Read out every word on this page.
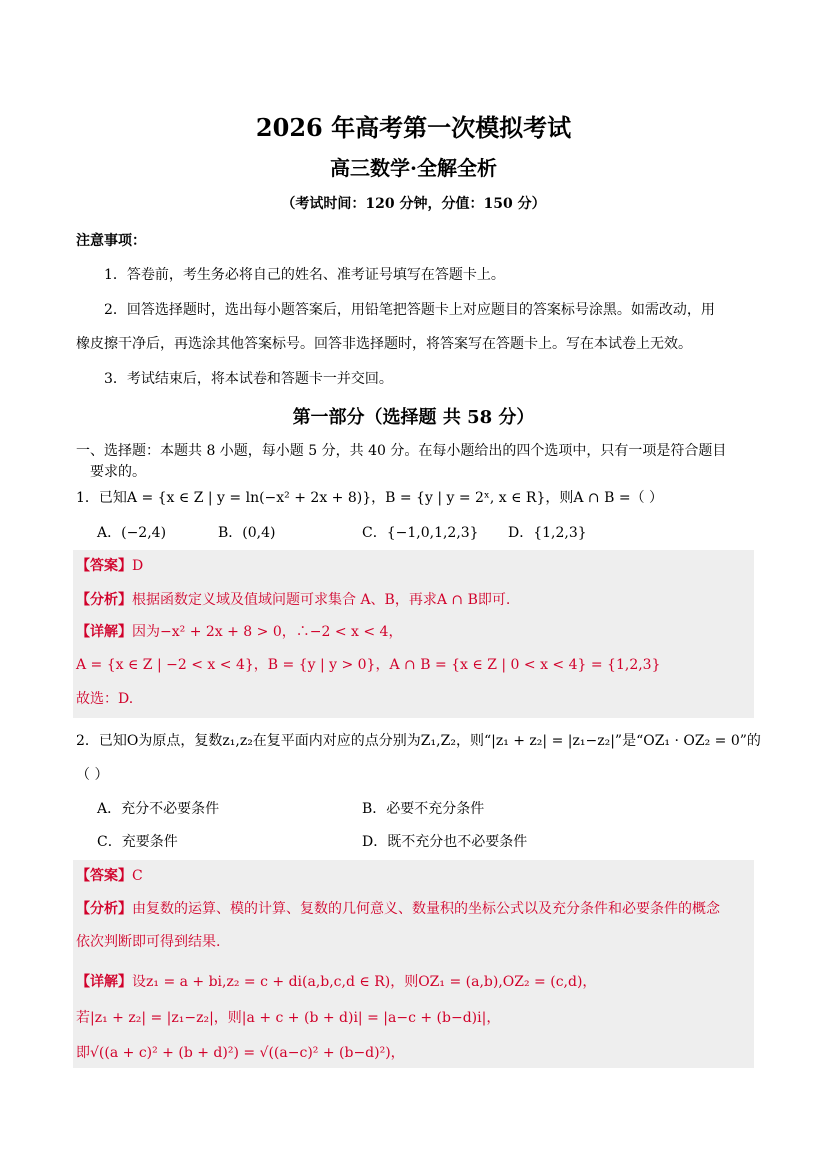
2026 年高考第一次模拟考试
高三数学·全解全析
（考试时间：120 分钟，分值：150 分）
注意事项：
1．答卷前，考生务必将自己的姓名、准考证号填写在答题卡上。
2．回答选择题时，选出每小题答案后，用铅笔把答题卡上对应题目的答案标号涂黑。如需改动，用
橡皮擦干净后，再选涂其他答案标号。回答非选择题时，将答案写在答题卡上。写在本试卷上无效。
3．考试结束后，将本试卷和答题卡一并交回。
第一部分（选择题 共 58 分）
一、选择题：本题共 8 小题，每小题 5 分，共 40 分。在每小题给出的四个选项中，只有一项是符合题目
要求的。
1．已知A = {x ∈ Z | y = ln(−x² + 2x + 8)}，B = {y | y = 2ˣ, x ∈ R}，则A ∩ B =（ ）
A．(−2,4)	B．(0,4)	C．{−1,0,1,2,3} D．{1,2,3}
【答案】D
【分析】根据函数定义域及值域问题可求集合 A、B，再求A ∩ B即可.
【详解】因为−x² + 2x + 8 > 0，∴−2 < x < 4，
A = {x ∈ Z | −2 < x < 4}，B = {y | y > 0}，A ∩ B = {x ∈ Z | 0 < x < 4} = {1,2,3}
故选：D.
2．已知O为原点，复数z₁,z₂在复平面内对应的点分别为Z₁,Z₂，则“|z₁ + z₂| = |z₁−z₂|”是“OZ₁ · OZ₂ = 0”的
（ ）
A．充分不必要条件	B．必要不充分条件
C．充要条件	D．既不充分也不必要条件
【答案】C
【分析】由复数的运算、模的计算、复数的几何意义、数量积的坐标公式以及充分条件和必要条件的概念
依次判断即可得到结果.
【详解】设z₁ = a + bi,z₂ = c + di(a,b,c,d ∈ R)，则OZ₁ = (a,b),OZ₂ = (c,d)，
若|z₁ + z₂| = |z₁−z₂|，则|a + c + (b + d)i| = |a−c + (b−d)i|，
即√((a + c)² + (b + d)²) = √((a−c)² + (b−d)²)，
